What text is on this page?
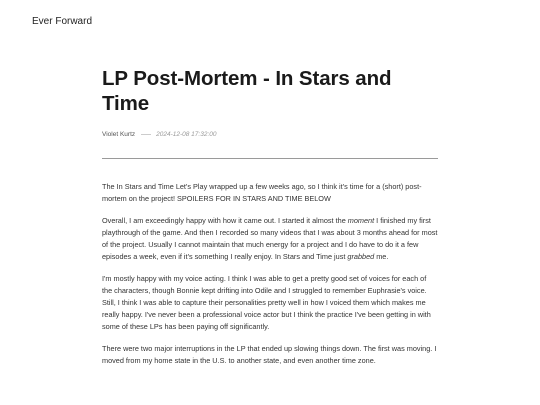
Ever Forward
LP Post-Mortem - In Stars and Time
Violet Kurtz	2024-12-08 17:32:00

The In Stars and Time Let's Play wrapped up a few weeks ago, so I think it's time for a (short) post-mortem on the project! SPOILERS FOR IN STARS AND TIME BELOW

Overall, I am exceedingly happy with how it came out. I started it almost the moment I finished my first playthrough of the game. And then I recorded so many videos that I was about 3 months ahead for most of the project. Usually I cannot maintain that much energy for a project and I do have to do it a few episodes a week, even if it's something I really enjoy. In Stars and Time just grabbed me.

I'm mostly happy with my voice acting. I think I was able to get a pretty good set of voices for each of the characters, though Bonnie kept drifting into Odile and I struggled to remember Euphrasie's voice. Still, I think I was able to capture their personalities pretty well in how I voiced them which makes me really happy. I've never been a professional voice actor but I think the practice I've been getting in with some of these LPs has been paying off significantly.

There were two major interruptions in the LP that ended up slowing things down. The first was moving. I moved from my home state in the U.S. to another state, and even another time zone.
